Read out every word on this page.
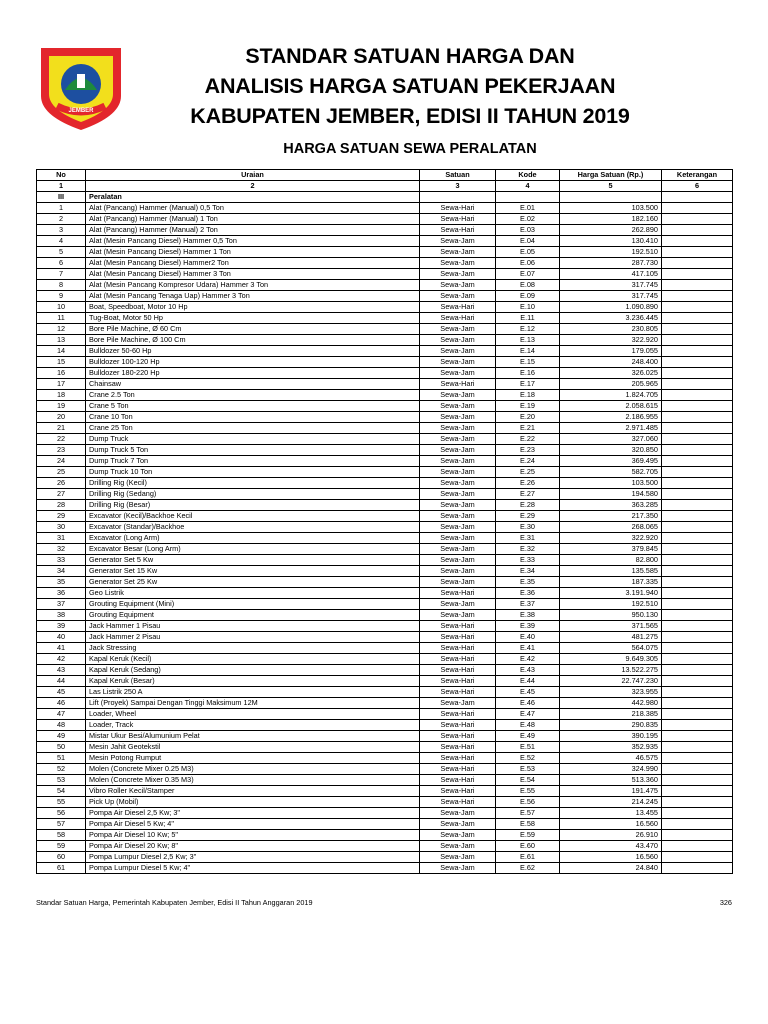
JEMBER
STANDAR SATUAN HARGA DAN
ANALISIS HARGA SATUAN PEKERJAAN
KABUPATEN JEMBER, EDISI II TAHUN 2019
HARGA SATUAN SEWA PERALATAN
No	Uraian	Satuan	Kode	Harga Satuan (Rp.)	Keterangan
1	2	3	4	5	6
III	Peralatan				
1	Alat (Pancang) Hammer (Manual) 0,5 Ton	Sewa-Hari	E.01	103.500	
2	Alat (Pancang) Hammer (Manual) 1 Ton	Sewa-Hari	E.02	182.160	
3	Alat (Pancang) Hammer (Manual) 2 Ton	Sewa-Hari	E.03	262.890	
4	Alat (Mesin Pancang Diesel) Hammer 0,5 Ton	Sewa-Jam	E.04	130.410	
5	Alat (Mesin Pancang Diesel) Hammer 1 Ton	Sewa-Jam	E.05	192.510	
6	Alat (Mesin Pancang Diesel) Hammer2 Ton	Sewa-Jam	E.06	287.730	
7	Alat (Mesin Pancang Diesel) Hammer 3 Ton	Sewa-Jam	E.07	417.105	
8	Alat (Mesin Pancang Kompresor Udara) Hammer 3 Ton	Sewa-Jam	E.08	317.745	
9	Alat (Mesin Pancang Tenaga Uap) Hammer 3 Ton	Sewa-Jam	E.09	317.745	
10	Boat, Speedboat, Motor 10 Hp	Sewa-Hari	E.10	1.090.890	
11	Tug-Boat, Motor 50 Hp	Sewa-Hari	E.11	3.236.445	
12	Bore Pile Machine, Ø 60 Cm	Sewa-Jam	E.12	230.805	
13	Bore Pile Machine, Ø 100 Cm	Sewa-Jam	E.13	322.920	
14	Bulldozer 50-60 Hp	Sewa-Jam	E.14	179.055	
15	Bulldozer 100-120 Hp	Sewa-Jam	E.15	248.400	
16	Bulldozer 180-220 Hp	Sewa-Jam	E.16	326.025	
17	Chainsaw	Sewa-Hari	E.17	205.965	
18	Crane 2.5 Ton	Sewa-Jam	E.18	1.824.705	
19	Crane 5 Ton	Sewa-Jam	E.19	2.058.615	
20	Crane 10 Ton	Sewa-Jam	E.20	2.186.955	
21	Crane 25 Ton	Sewa-Jam	E.21	2.971.485	
22	Dump Truck	Sewa-Jam	E.22	327.060	
23	Dump Truck 5 Ton	Sewa-Jam	E.23	320.850	
24	Dump Truck 7 Ton	Sewa-Jam	E.24	369.495	
25	Dump Truck 10 Ton	Sewa-Jam	E.25	582.705	
26	Drilling Rig (Kecil)	Sewa-Jam	E.26	103.500	
27	Drilling Rig (Sedang)	Sewa-Jam	E.27	194.580	
28	Drilling Rig (Besar)	Sewa-Jam	E.28	363.285	
29	Excavator (Kecil)/Backhoe Kecil	Sewa-Jam	E.29	217.350	
30	Excavator (Standar)/Backhoe	Sewa-Jam	E.30	268.065	
31	Excavator (Long Arm)	Sewa-Jam	E.31	322.920	
32	Excavator Besar (Long Arm)	Sewa-Jam	E.32	379.845	
33	Generator Set 5 Kw	Sewa-Jam	E.33	82.800	
34	Generator Set 15 Kw	Sewa-Jam	E.34	135.585	
35	Generator Set 25 Kw	Sewa-Jam	E.35	187.335	
36	Geo Listrik	Sewa-Hari	E.36	3.191.940	
37	Grouting Equipment (Mini)	Sewa-Jam	E.37	192.510	
38	Grouting Equipment	Sewa-Jam	E.38	950.130	
39	Jack Hammer 1 Pisau	Sewa-Hari	E.39	371.565	
40	Jack Hammer 2 Pisau	Sewa-Hari	E.40	481.275	
41	Jack Stressing	Sewa-Hari	E.41	564.075	
42	Kapal Keruk (Kecil)	Sewa-Hari	E.42	9.649.305	
43	Kapal Keruk (Sedang)	Sewa-Hari	E.43	13.522.275	
44	Kapal Keruk (Besar)	Sewa-Hari	E.44	22.747.230	
45	Las Listrik 250 A	Sewa-Hari	E.45	323.955	
46	Lift (Proyek) Sampai Dengan Tinggi Maksimum 12M	Sewa-Jam	E.46	442.980	
47	Loader, Wheel	Sewa-Hari	E.47	218.385	
48	Loader, Track	Sewa-Hari	E.48	290.835	
49	Mistar Ukur Besi/Alumunium Pelat	Sewa-Hari	E.49	390.195	
50	Mesin Jahit Geotekstil	Sewa-Hari	E.51	352.935	
51	Mesin Potong Rumput	Sewa-Hari	E.52	46.575	
52	Molen (Concrete Mixer 0.25 M3)	Sewa-Hari	E.53	324.990	
53	Molen (Concrete Mixer 0.35 M3)	Sewa-Hari	E.54	513.360	
54	Vibro Roller Kecil/Stamper	Sewa-Hari	E.55	191.475	
55	Pick Up (Mobil)	Sewa-Hari	E.56	214.245	
56	Pompa Air Diesel 2,5 Kw; 3"	Sewa-Jam	E.57	13.455	
57	Pompa Air Diesel 5 Kw; 4"	Sewa-Jam	E.58	16.560	
58	Pompa Air Diesel 10 Kw; 5"	Sewa-Jam	E.59	26.910	
59	Pompa Air Diesel 20 Kw; 8"	Sewa-Jam	E.60	43.470	
60	Pompa Lumpur Diesel 2,5 Kw; 3"	Sewa-Jam	E.61	16.560	
61	Pompa Lumpur Diesel 5 Kw; 4"	Sewa-Jam	E.62	24.840	
Standar Satuan Harga, Pemerintah Kabupaten Jember, Edisi II Tahun Anggaran 2019	326
